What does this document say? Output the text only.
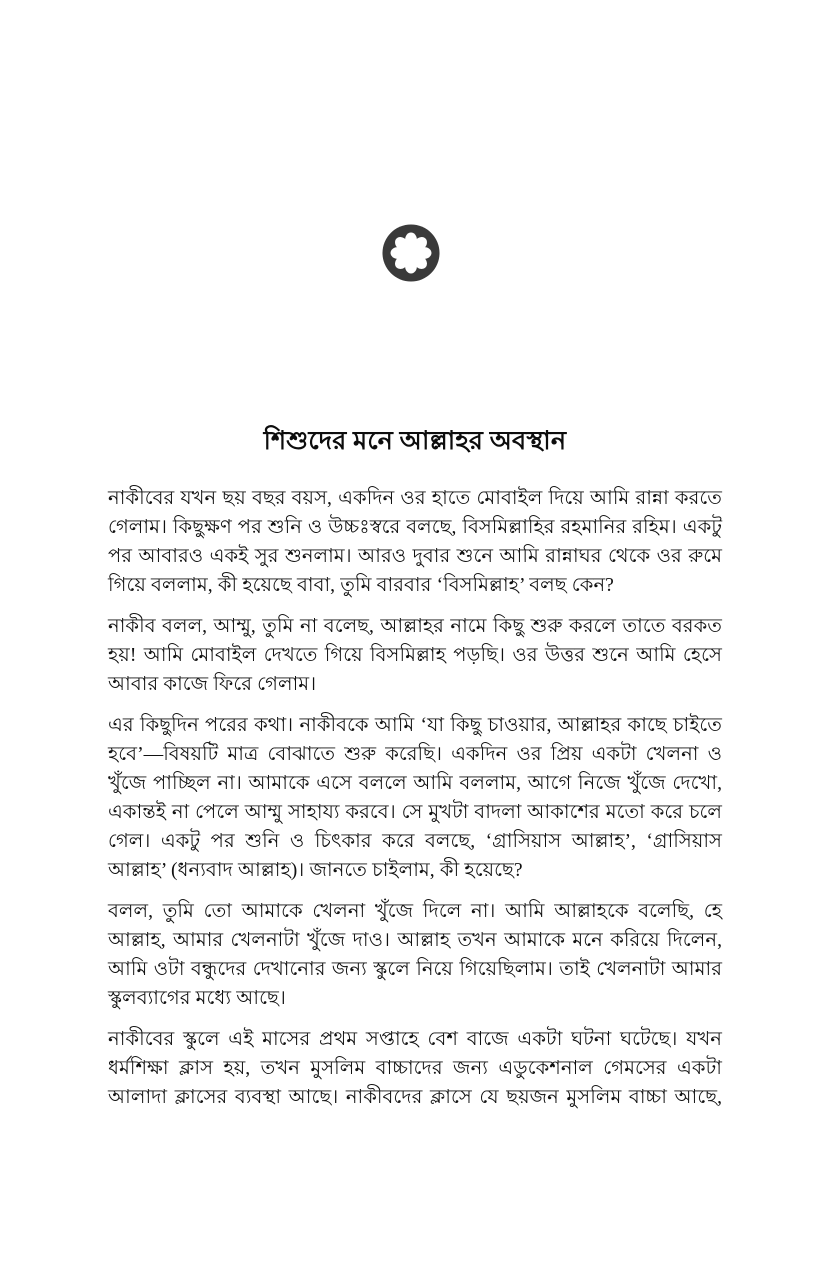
শিশুদের মনে আল্লাহর অবস্থান

নাকীবের যখন ছয় বছর বয়স, একদিন ওর হাতে মোবাইল দিয়ে আমি রান্না করতে গেলাম। কিছুক্ষণ পর শুনি ও উচ্চঃস্বরে বলছে, বিসমিল্লাহির রহমানির রহিম। একটু পর আবারও একই সুর শুনলাম। আরও দুবার শুনে আমি রান্নাঘর থেকে ওর রুমে গিয়ে বললাম, কী হয়েছে বাবা, তুমি বারবার ‘বিসমিল্লাহ’ বলছ কেন?

নাকীব বলল, আম্মু, তুমি না বলেছ, আল্লাহর নামে কিছু শুরু করলে তাতে বরকত হয়! আমি মোবাইল দেখতে গিয়ে বিসমিল্লাহ পড়ছি। ওর উত্তর শুনে আমি হেসে আবার কাজে ফিরে গেলাম।

এর কিছুদিন পরের কথা। নাকীবকে আমি ‘যা কিছু চাওয়ার, আল্লাহর কাছে চাইতে হবে’—বিষয়টি মাত্র বোঝাতে শুরু করেছি। একদিন ওর প্রিয় একটা খেলনা ও খুঁজে পাচ্ছিল না। আমাকে এসে বললে আমি বললাম, আগে নিজে খুঁজে দেখো, একান্তই না পেলে আম্মু সাহায্য করবে। সে মুখটা বাদলা আকাশের মতো করে চলে গেল। একটু পর শুনি ও চিৎকার করে বলছে, ‘গ্রাসিয়াস আল্লাহ’, ‘গ্রাসিয়াস আল্লাহ’ (ধন্যবাদ আল্লাহ)। জানতে চাইলাম, কী হয়েছে?

বলল, তুমি তো আমাকে খেলনা খুঁজে দিলে না। আমি আল্লাহকে বলেছি, হে আল্লাহ, আমার খেলনাটা খুঁজে দাও। আল্লাহ তখন আমাকে মনে করিয়ে দিলেন, আমি ওটা বন্ধুদের দেখানোর জন্য স্কুলে নিয়ে গিয়েছিলাম। তাই খেলনাটা আমার স্কুলব্যাগের মধ্যে আছে।

নাকীবের স্কুলে এই মাসের প্রথম সপ্তাহে বেশ বাজে একটা ঘটনা ঘটেছে। যখন ধর্মশিক্ষা ক্লাস হয়, তখন মুসলিম বাচ্চাদের জন্য এডুকেশনাল গেমসের একটা আলাদা ক্লাসের ব্যবস্থা আছে। নাকীবদের ক্লাসে যে ছয়জন মুসলিম বাচ্চা আছে,
